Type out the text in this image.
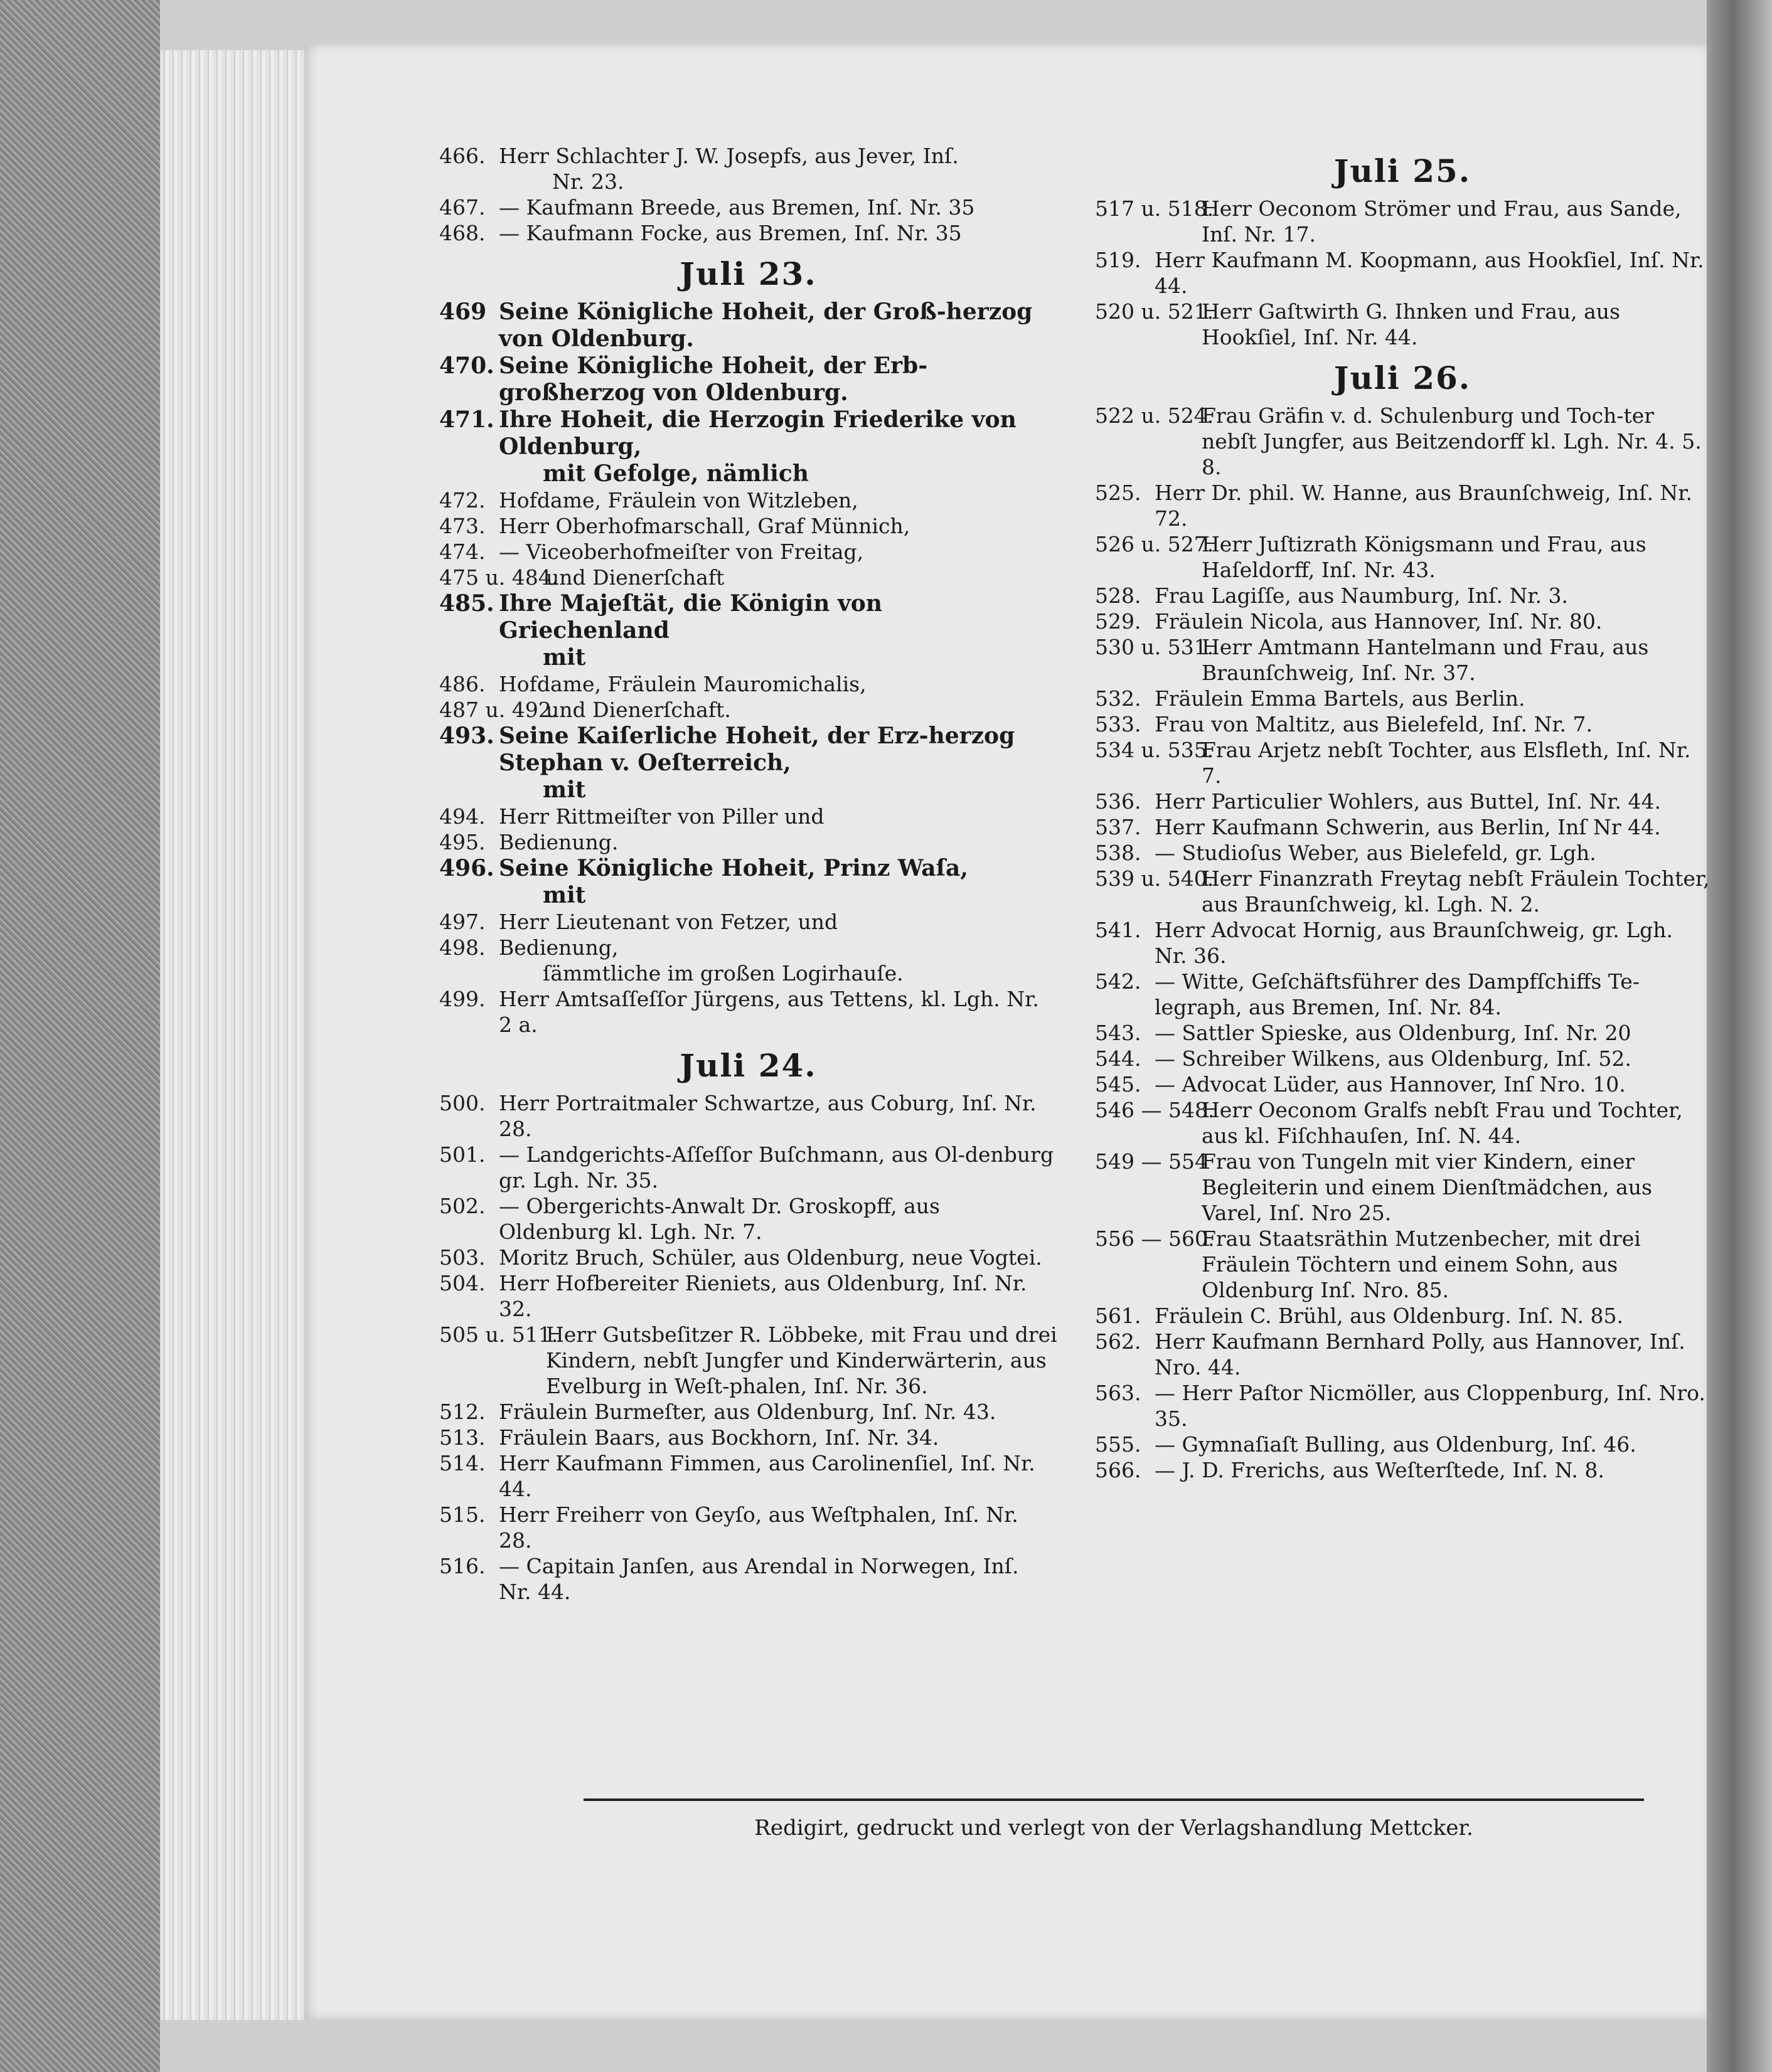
466. Herr Schlachter J. W. Josepfs, aus Jever, Inſ.
Nr. 23.
467. — Kaufmann Breede, aus Bremen, Inſ. Nr. 35
468. — Kaufmann Focke, aus Bremen, Inſ. Nr. 35
Juli 23.
469 Seine Königliche Hoheit, der Groß-herzog von Oldenburg.
470. Seine Königliche Hoheit, der Erb-großherzog von Oldenburg.
471. Ihre Hoheit, die Herzogin Friederike von Oldenburg,
mit Gefolge, nämlich
472. Hofdame, Fräulein von Witzleben,
473. Herr Oberhofmarschall, Graf Münnich,
474. — Viceoberhofmeiſter von Freitag,
475 u. 484.
und Dienerſchaft
485. Ihre Majeſtät, die Königin von Griechenland
mit
486. Hofdame, Fräulein Mauromichalis,
487 u. 492.
und Dienerſchaft.
493. Seine Kaiſerliche Hoheit, der Erz-herzog Stephan v. Oeſterreich,
mit
494. Herr Rittmeiſter von Piller und
495. Bedienung.
496. Seine Königliche Hoheit, Prinz Waſa,
mit
497. Herr Lieutenant von Fetzer, und
498. Bedienung,
ſämmtliche im großen Logirhauſe.
499. Herr Amtsaſſeſſor Jürgens, aus Tettens, kl. Lgh. Nr. 2 a.
Juli 24.
500. Herr Portraitmaler Schwartze, aus Coburg, Inſ. Nr. 28.
501. — Landgerichts-Aſſeſſor Buſchmann, aus Ol-denburg gr. Lgh. Nr. 35.
502. — Obergerichts-Anwalt Dr. Groskopff, aus Oldenburg kl. Lgh. Nr. 7.
503. Moritz Bruch, Schüler, aus Oldenburg, neue Vogtei.
504. Herr Hofbereiter Rieniets, aus Oldenburg, Inſ. Nr. 32.
505 u. 511.
Herr Gutsbeſitzer R. Löbbeke, mit Frau und drei Kindern, nebſt Jungfer und Kinderwärterin, aus Evelburg in Weſt-phalen, Inſ. Nr. 36.
512. Fräulein Burmeſter, aus Oldenburg, Inſ. Nr. 43.
513. Fräulein Baars, aus Bockhorn, Inſ. Nr. 34.
514. Herr Kaufmann Fimmen, aus Carolinenſiel, Inſ. Nr. 44.
515. Herr Freiherr von Geyſo, aus Weſtphalen, Inſ. Nr. 28.
516. — Capitain Janſen, aus Arendal in Norwegen, Inſ. Nr. 44.
Juli 25.
517 u. 518.
Herr Oeconom Strömer und Frau, aus Sande, Inſ. Nr. 17.
519. Herr Kaufmann M. Koopmann, aus Hookſiel, Inſ. Nr. 44.
520 u. 521.
Herr Gaſtwirth G. Ihnken und Frau, aus Hookſiel, Inſ. Nr. 44.
Juli 26.
522 u. 524.
Frau Gräfin v. d. Schulenburg und Toch-ter nebſt Jungfer, aus Beitzendorff kl. Lgh. Nr. 4. 5. 8.
525. Herr Dr. phil. W. Hanne, aus Braunſchweig, Inſ. Nr. 72.
526 u. 527.
Herr Juſtizrath Königsmann und Frau, aus Haſeldorff, Inſ. Nr. 43.
528. Frau Lagiſſe, aus Naumburg, Inſ. Nr. 3.
529. Fräulein Nicola, aus Hannover, Inſ. Nr. 80.
530 u. 531.
Herr Amtmann Hantelmann und Frau, aus Braunſchweig, Inſ. Nr. 37.
532. Fräulein Emma Bartels, aus Berlin.
533. Frau von Maltitz, aus Bielefeld, Inſ. Nr. 7.
534 u. 535.
Frau Arjetz nebſt Tochter, aus Elsfleth, Inſ. Nr. 7.
536. Herr Particulier Wohlers, aus Buttel, Inſ. Nr. 44.
537. Herr Kaufmann Schwerin, aus Berlin, Inſ Nr 44.
538. — Studioſus Weber, aus Bielefeld, gr. Lgh.
539 u. 540.
Herr Finanzrath Freytag nebſt Fräulein Tochter, aus Braunſchweig, kl. Lgh. N. 2.
541. Herr Advocat Hornig, aus Braunſchweig, gr. Lgh. Nr. 36.
542. — Witte, Geſchäftsführer des Dampfſchiffs Te-legraph, aus Bremen, Inſ. Nr. 84.
543. — Sattler Spieske, aus Oldenburg, Inſ. Nr. 20
544. — Schreiber Wilkens, aus Oldenburg, Inſ. 52.
545. — Advocat Lüder, aus Hannover, Inſ Nro. 10.
546 — 548.
Herr Oeconom Gralfs nebſt Frau und Tochter, aus kl. Fiſchhauſen, Inſ. N. 44.
549 — 554
Frau von Tungeln mit vier Kindern, einer Begleiterin und einem Dienſtmädchen, aus Varel, Inſ. Nro 25.
556 — 560.
Frau Staatsräthin Mutzenbecher, mit drei Fräulein Töchtern und einem Sohn, aus Oldenburg Inſ. Nro. 85.
561. Fräulein C. Brühl, aus Oldenburg. Inſ. N. 85.
562. Herr Kaufmann Bernhard Polly, aus Hannover, Inſ. Nro. 44.
563. — Herr Paſtor Nicmöller, aus Cloppenburg, Inſ. Nro. 35.
555. — Gymnaſiaſt Bulling, aus Oldenburg, Inſ. 46.
566. — J. D. Frerichs, aus Weſterſtede, Inſ. N. 8.
Redigirt, gedruckt und verlegt von der Verlagshandlung Mettcker.
